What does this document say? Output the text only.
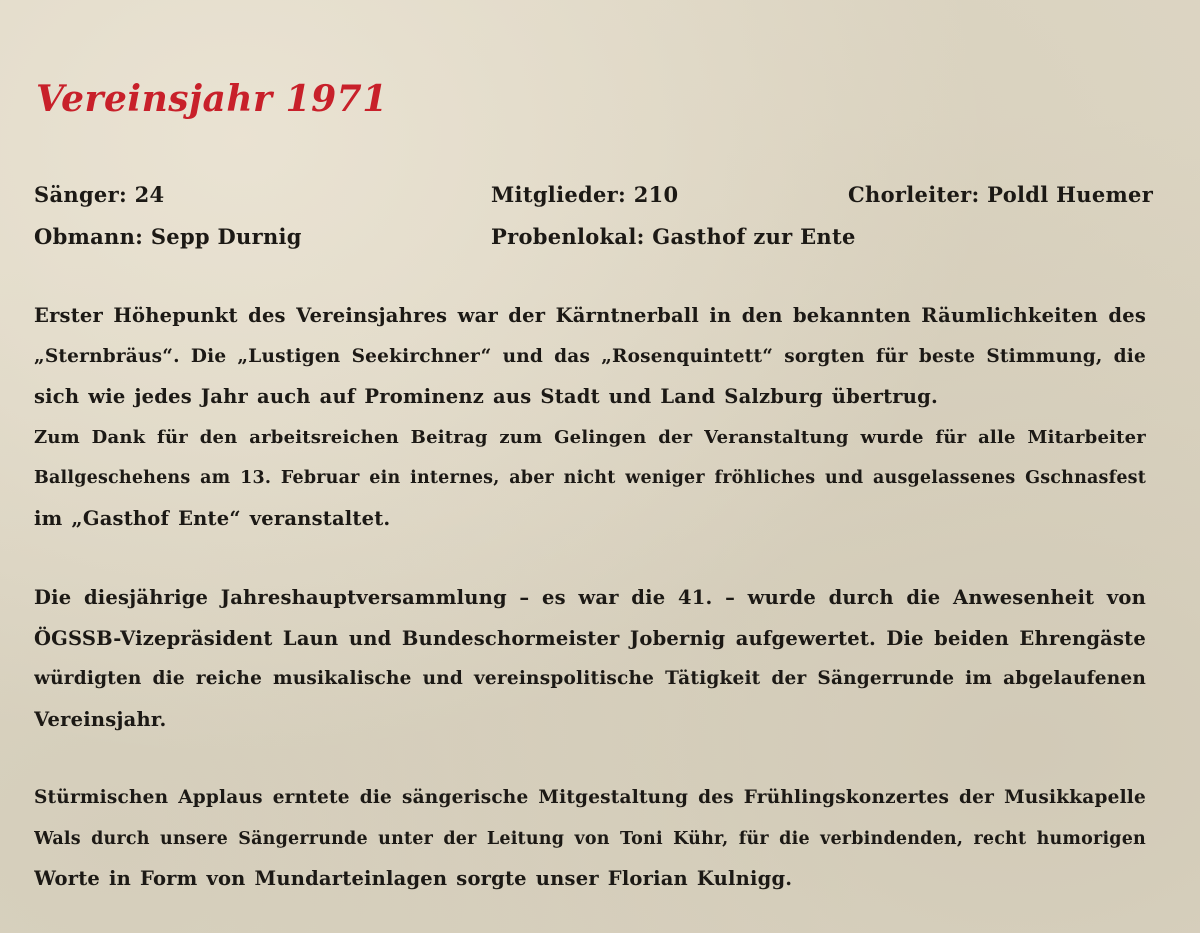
Vereinsjahr 1971
Sänger : 24	Mitglieder : 210	Chorleiter : Poldl Huemer
Obmann : Sepp Durnig	Probenlokal : Gasthof zur Ente
Erster Höhepunkt des Vereinsjahres war der Kärntnerball in den bekannten Räumlichkeiten des
„Sternbräus“. Die „Lustigen Seekirchner“ und das „Rosenquintett“ sorgten für beste Stimmung, die
sich wie jedes Jahr auch auf Prominenz aus Stadt und Land Salzburg übertrug.
Zum Dank für den arbeitsreichen Beitrag zum Gelingen der Veranstaltung wurde für alle Mitarbeiter
Ballgeschehens am 13. Februar ein internes, aber nicht weniger fröhliches und ausgelassenes Gschnasfest
im „Gasthof Ente“ veranstaltet.
Die diesjährige Jahreshauptversammlung – es war die 41. – wurde durch die Anwesenheit von
ÖGSSB-Vizepräsident Laun und Bundeschormeister Jobernig aufgewertet. Die beiden Ehrengäste
würdigten die reiche musikalische und vereinspolitische Tätigkeit der Sängerrunde im abgelaufenen
Vereinsjahr.
Stürmischen Applaus erntete die sängerische Mitgestaltung des Frühlingskonzertes der Musikkapelle
Wals durch unsere Sängerrunde unter der Leitung von Toni Kühr, für die verbindenden, recht humorigen
Worte in Form von Mundarteinlagen sorgte unser Florian Kulnigg.
